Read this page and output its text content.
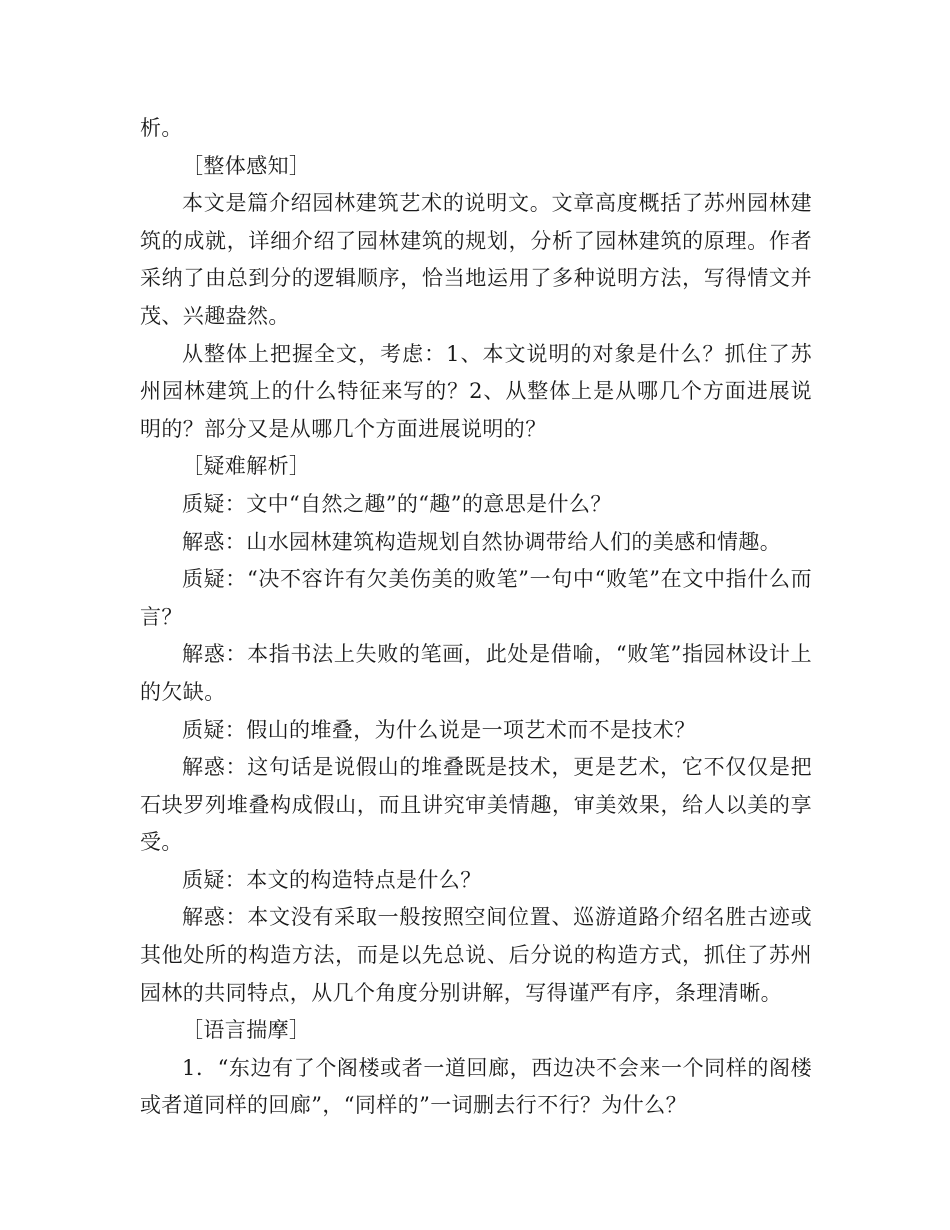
析。

［整体感知］

本文是篇介绍园林建筑艺术的说明文。文章高度概括了苏州园林建筑的成就，详细介绍了园林建筑的规划，分析了园林建筑的原理。作者采纳了由总到分的逻辑顺序，恰当地运用了多种说明方法，写得情文并茂、兴趣盎然。

从整体上把握全文，考虑：1、本文说明的对象是什么？抓住了苏州园林建筑上的什么特征来写的？2、从整体上是从哪几个方面进展说明的？部分又是从哪几个方面进展说明的？

［疑难解析］

质疑：文中“自然之趣”的“趣”的意思是什么？

解惑：山水园林建筑构造规划自然协调带给人们的美感和情趣。

质疑：“决不容许有欠美伤美的败笔”一句中“败笔”在文中指什么而言？

解惑：本指书法上失败的笔画，此处是借喻，“败笔”指园林设计上的欠缺。

质疑：假山的堆叠，为什么说是一项艺术而不是技术？

解惑：这句话是说假山的堆叠既是技术，更是艺术，它不仅仅是把石块罗列堆叠构成假山，而且讲究审美情趣，审美效果，给人以美的享受。

质疑：本文的构造特点是什么？

解惑：本文没有采取一般按照空间位置、巡游道路介绍名胜古迹或其他处所的构造方法，而是以先总说、后分说的构造方式，抓住了苏州园林的共同特点，从几个角度分别讲解，写得谨严有序，条理清晰。

［语言揣摩］

1．“东边有了个阁楼或者一道回廊，西边决不会来一个同样的阁楼或者道同样的回廊”，“同样的”一词删去行不行？为什么？
